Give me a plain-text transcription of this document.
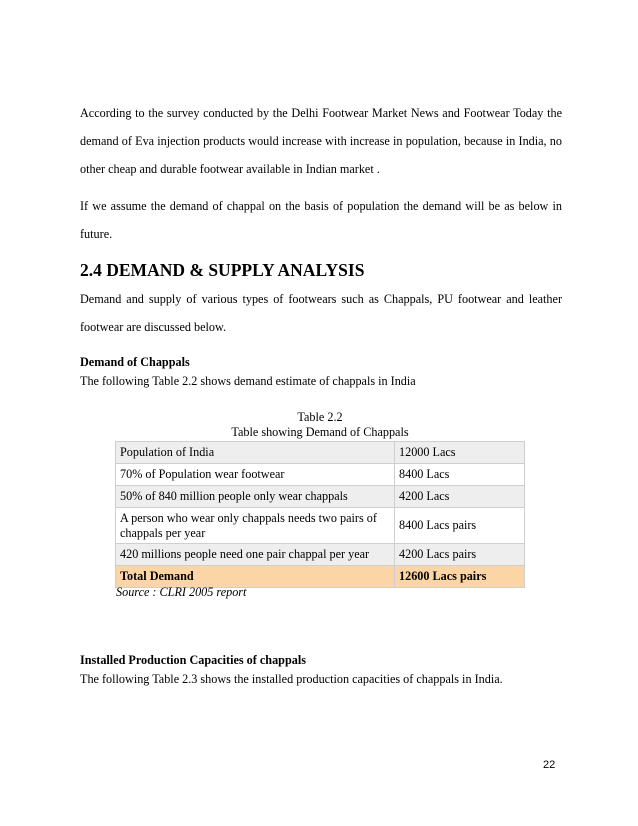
According to the survey conducted by the Delhi Footwear Market News and Footwear Today the demand of Eva injection products would increase with increase in population, because in India, no other cheap and durable footwear available in Indian market .

If we assume the demand of chappal on the basis of population the demand will be as below in future.

2.4 DEMAND & SUPPLY ANALYSIS

Demand and supply of various types of footwears such as Chappals, PU footwear and leather footwear are discussed below.

Demand of Chappals

The following Table 2.2 shows demand estimate of chappals in India

Table 2.2

Table showing Demand of Chappals

Population of India	12000 Lacs
70% of Population wear footwear	8400 Lacs
50% of 840 million people only wear chappals	4200 Lacs
A person who wear only chappals needs two pairs of chappals per year	8400 Lacs pairs
420 millions people need one pair chappal per year	4200 Lacs pairs
Total Demand	12600 Lacs pairs

Source : CLRI 2005 report

Installed Production Capacities of chappals

The following Table 2.3 shows the installed production capacities of chappals in India.

22
